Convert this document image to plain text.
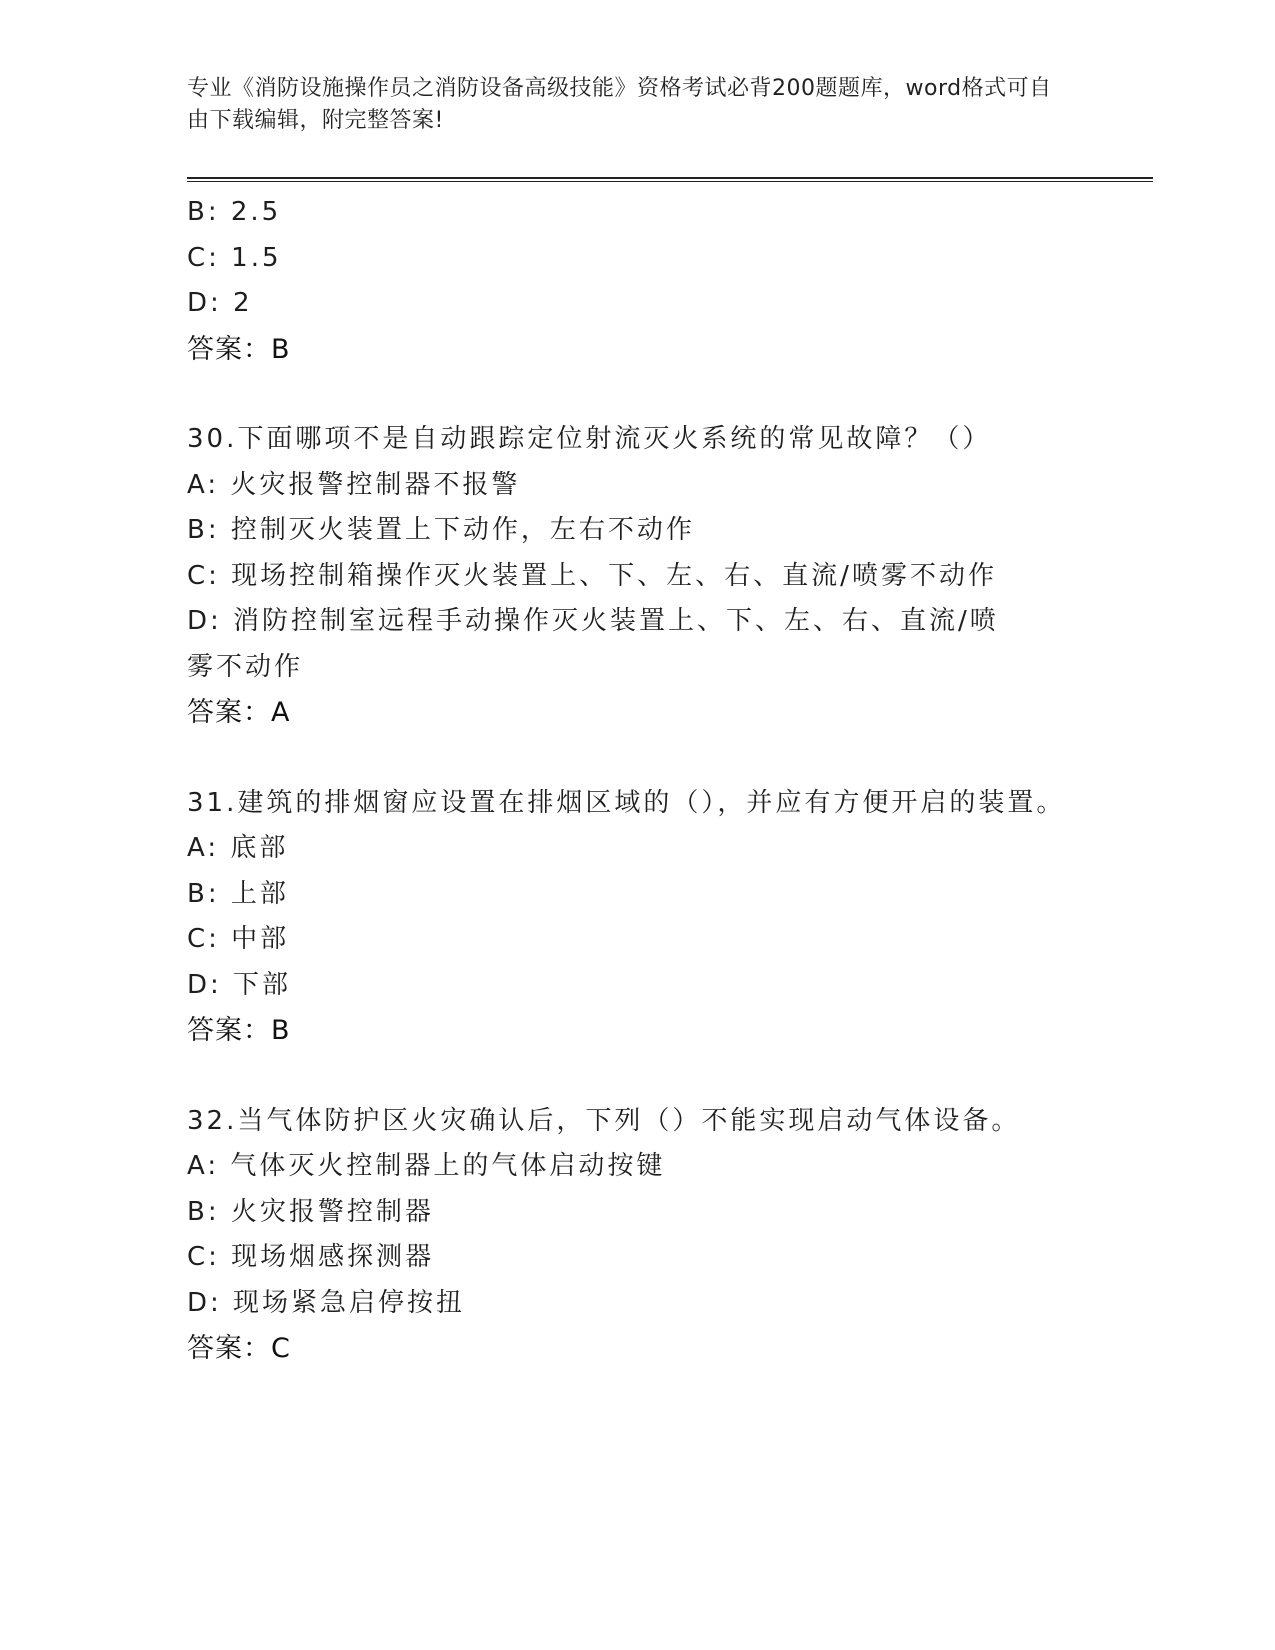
专业《消防设施操作员之消防设备高级技能》资格考试必背200题题库，word格式可自由下载编辑，附完整答案!
B: 2.5
C: 1.5
D: 2
答案：B
30.下面哪项不是自动跟踪定位射流灭火系统的常见故障？（）
A: 火灾报警控制器不报警
B: 控制灭火装置上下动作，左右不动作
C: 现场控制箱操作灭火装置上、下、左、右、直流/喷雾不动作
D: 消防控制室远程手动操作灭火装置上、下、左、右、直流/喷雾不动作
答案：A
31.建筑的排烟窗应设置在排烟区域的（），并应有方便开启的装置。
A: 底部
B: 上部
C: 中部
D: 下部
答案：B
32.当气体防护区火灾确认后，下列（）不能实现启动气体设备。
A: 气体灭火控制器上的气体启动按键
B: 火灾报警控制器
C: 现场烟感探测器
D: 现场紧急启停按扭
答案：C
